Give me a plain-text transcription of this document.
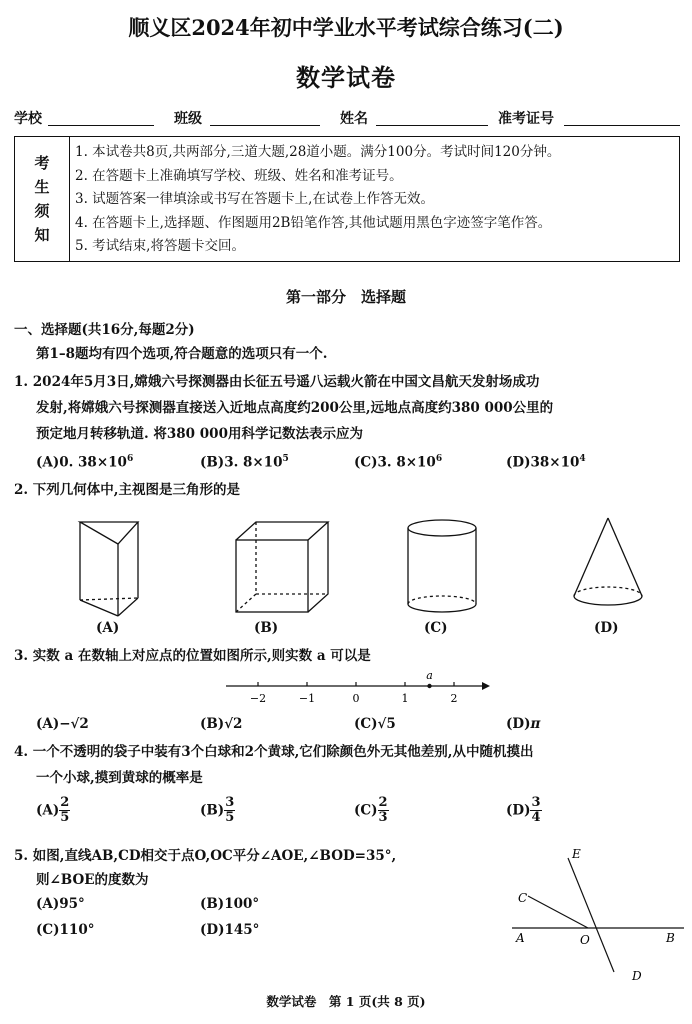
顺义区2024年初中学业水平考试综合练习(二)
数学试卷
学校	班级	姓名	准考证号
考
生
须
知
1. 本试卷共8页,共两部分,三道大题,28道小题。满分100分。考试时间120分钟。
2. 在答题卡上准确填写学校、班级、姓名和准考证号。
3. 试题答案一律填涂或书写在答题卡上,在试卷上作答无效。
4. 在答题卡上,选择题、作图题用2B铅笔作答,其他试题用黑色字迹签字笔作答。
5. 考试结束,将答题卡交回。
第一部分　选择题
一、选择题(共16分,每题2分)
第1–8题均有四个选项,符合题意的选项只有一个.
1. 2024年5月3日,嫦娥六号探测器由长征五号遥八运载火箭在中国文昌航天发射场成功
发射,将嫦娥六号探测器直接送入近地点高度约200公里,远地点高度约380 000公里的
预定地月转移轨道. 将380 000用科学记数法表示应为
(A)0. $38\times 10^6$	(B)3. $8\times 10^5$	(C)3. $8\times 10^6$	$(D)38\times 10^4$
2. 下列几何体中,主视图是三角形的是
(A)	(B)	(C)	(D)
3. 实数 a 在数轴上对应点的位置如图所示,则实数 a 可以是
−2	−1	0	1	2
a
(A)−√2	(B)√2	(C)√5	(D)π
4. 一个不透明的袋子中装有3个白球和2个黄球,它们除颜色外无其他差别,从中随机摸出
一个小球,摸到黄球的概率是
$(A) \frac{2}{5}$	$(B) \frac{3}{5}$	$(C) \frac{2}{3}$	$(D) \frac{3}{4}$
5. 如图,直线AB,CD相交于点O,OC平分∠AOE,∠BOD=35°,
则∠BOE的度数为
(A)95°	(B)100°
(C)110°	(D)145°
E
C
A	O	B
D
数学试卷　第 1 页(共 8 页)
